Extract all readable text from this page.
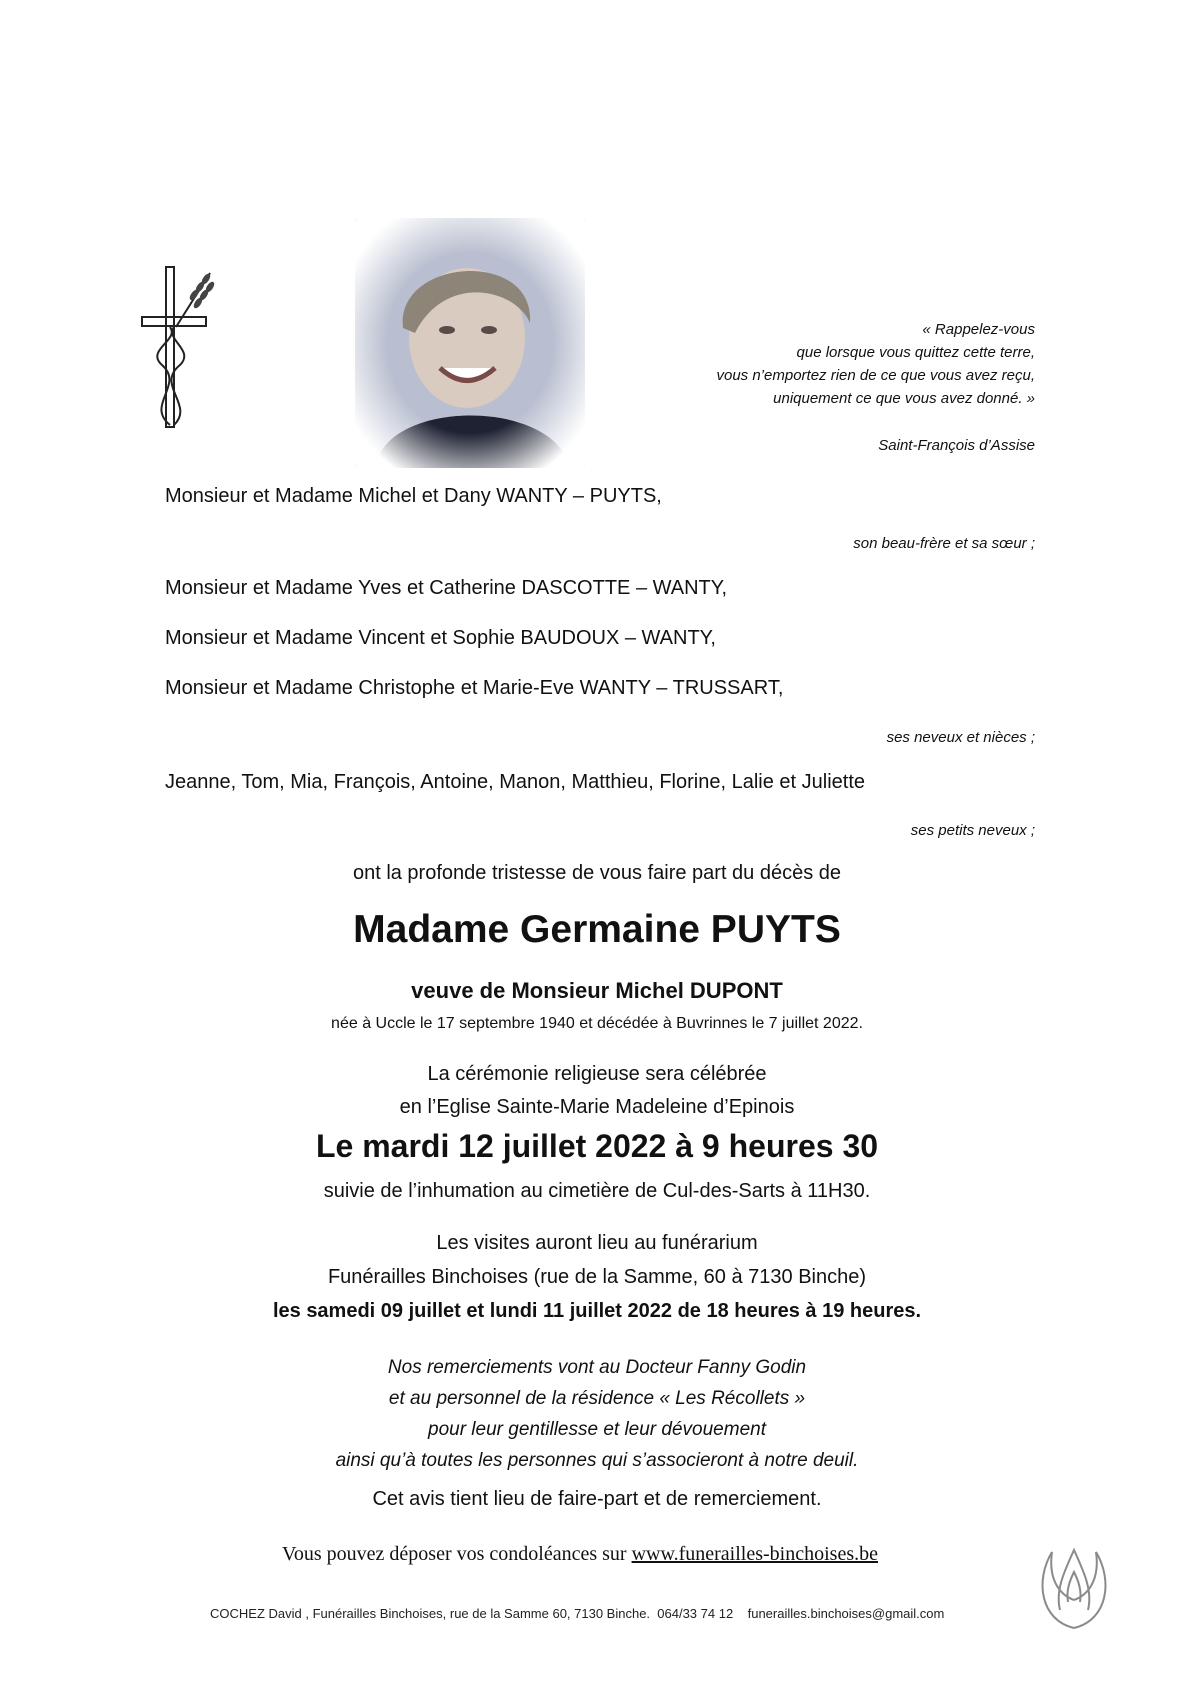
« Rappelez-vous
que lorsque vous quittez cette terre,
vous n’emportez rien de ce que vous avez reçu,
uniquement ce que vous avez donné. »
Saint-François d’Assise
Monsieur et Madame Michel et Dany WANTY – PUYTS,
son beau-frère et sa sœur ;
Monsieur et Madame Yves et Catherine DASCOTTE – WANTY,
Monsieur et Madame Vincent et Sophie BAUDOUX – WANTY,
Monsieur et Madame Christophe et Marie-Eve WANTY – TRUSSART,
ses neveux et nièces ;
Jeanne, Tom, Mia, François, Antoine, Manon, Matthieu, Florine, Lalie et Juliette
ses petits neveux ;
ont la profonde tristesse de vous faire part du décès de
Madame Germaine PUYTS
veuve de Monsieur Michel DUPONT
née à Uccle le 17 septembre 1940 et décédée à Buvrinnes le 7 juillet 2022.
La cérémonie religieuse sera célébrée
en l’Eglise Sainte-Marie Madeleine d’Epinois
Le mardi 12 juillet 2022 à 9 heures 30
suivie de l’inhumation au cimetière de Cul-des-Sarts à 11H30.
Les visites auront lieu au funérarium
Funérailles Binchoises (rue de la Samme, 60 à 7130 Binche)
les samedi 09 juillet et lundi 11 juillet 2022 de 18 heures à 19 heures.
Nos remerciements vont au Docteur Fanny Godin
et au personnel de la résidence « Les Récollets »
pour leur gentillesse et leur dévouement
ainsi qu’à toutes les personnes qui s’associeront à notre deuil.
Cet avis tient lieu de faire-part et de remerciement.
Vous pouvez déposer vos condoléances sur www.funerailles-binchoises.be
COCHEZ David , Funérailles Binchoises, rue de la Samme 60, 7130 Binche.  064/33 74 12    funerailles.binchoises@gmail.com
